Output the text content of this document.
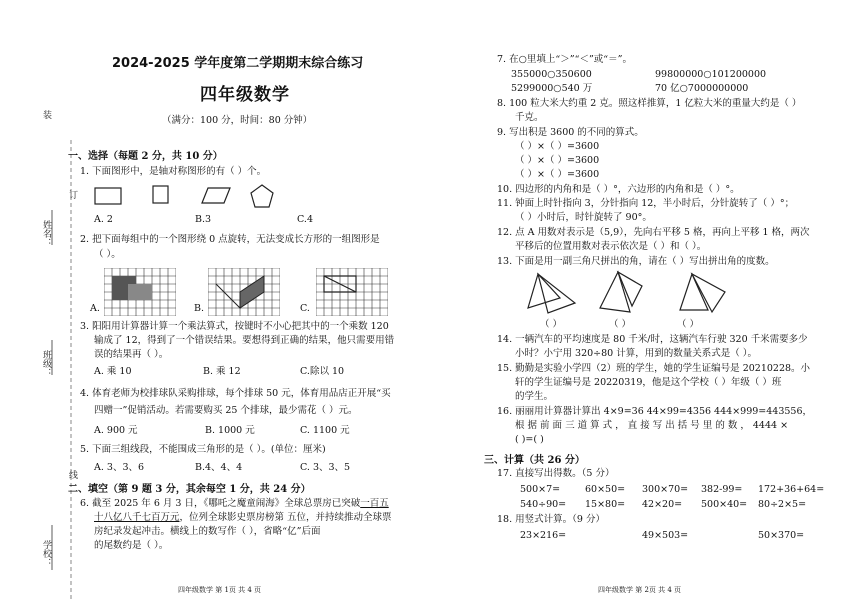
装
姓名：
班级：
学校：
订
线
2024-2025 学年度第二学期期末综合练习
四年级数学
（满分：100 分，时间：80 分钟）
一、选择（每题 2 分，共 10 分）
1. 下面图形中，是轴对称图形的有（ ）个。
A. 2	B.3	C.4
2. 把下面每组中的一个图形绕 0 点旋转，无法变成长方形的一组图形是
（ ）。
A.	B.	C.
3. 阳阳用计算器计算一个乘法算式，按键时不小心把其中的一个乘数 120
输成了 12，得到了一个错误结果。要想得到正确的结果，他只需要用错
误的结果再（ ）。
A. 乘 10	B. 乘 12	C.除以 10
4. 体育老师为校排球队采购排球，每个排球 50 元，体育用品店正开展“买
四赠一”促销活动。若需要购买 25 个排球，最少需花（ ）元。
A. 900 元	B. 1000 元	C. 1100 元
5. 下面三组线段，不能围成三角形的是（ ）。(单位：厘米)
A. 3、3、6	B.4、4、4	C. 3、3、5
二、填空（第 9 题 3 分，其余每空 1 分，共 24 分）
6. 截至 2025 年 6 月 3 日，《哪吒之魔童闹海》全球总票房已突破一百五
十八亿八千七百万元，位列全球影史票房榜第 五位，并持续推动全球票
房纪录发起冲击。横线上的数写作（ ），省略“亿”后面
的尾数约是（ ）。
四年级数学 第 1页 共 4 页
7. 在○里填上“＞”“＜”或“＝”。
355000○350600	99800000○101200000
5299000○540 万	70 亿○7000000000
8. 100 粒大米大约重 2 克。照这样推算，1 亿粒大米的重量大约是（ ）
千克。
9. 写出积是 3600 的不同的算式。
（ ）×（ ）=3600
（ ）×（ ）=3600
（ ）×（ ）=3600
10. 四边形的内角和是（ ）°，六边形的内角和是（ ）°。
11. 钟面上时针指向 3，分针指向 12，半小时后，分针旋转了（ ）°；
（ ）小时后，时针旋转了 90°。
12. 点 A 用数对表示是（5,9），先向右平移 5 格，再向上平移 1 格，两次
平移后的位置用数对表示依次是（ ）和（ ）。
13. 下面是用一副三角尺拼出的角，请在（ ）写出拼出角的度数。
（ ）	（ ）	（ ）
14. 一辆汽车的平均速度是 80 千米/时，这辆汽车行驶 320 千米需要多少
小时？小宁用 320÷80 计算，用到的数量关系式是（ ）。
15. 勤勤是实验小学四（2）班的学生，她的学生证编号是 20210228。小
轩的学生证编号是 20220319，他是这个学校（ ）年级（ ）班
的学生。
16. 丽丽用计算器计算出 4×9=36 44×99=4356 444×999=443556，
根 据 前 面 三 道 算 式 ， 直 接 写 出 括 号 里 的 数 ， 4444 ×
( )=( )
三、计算（共 26 分）
17. 直接写出得数。（5 分）
500×7=	60×50= 300×70= 382-99= 172+36+64=
540÷90= 15×80= 42×20= 500×40= 80÷2×5=
18. 用竖式计算。（9 分）
23×216=	49×503=	50×370=
四年级数学 第 2页 共 4 页
